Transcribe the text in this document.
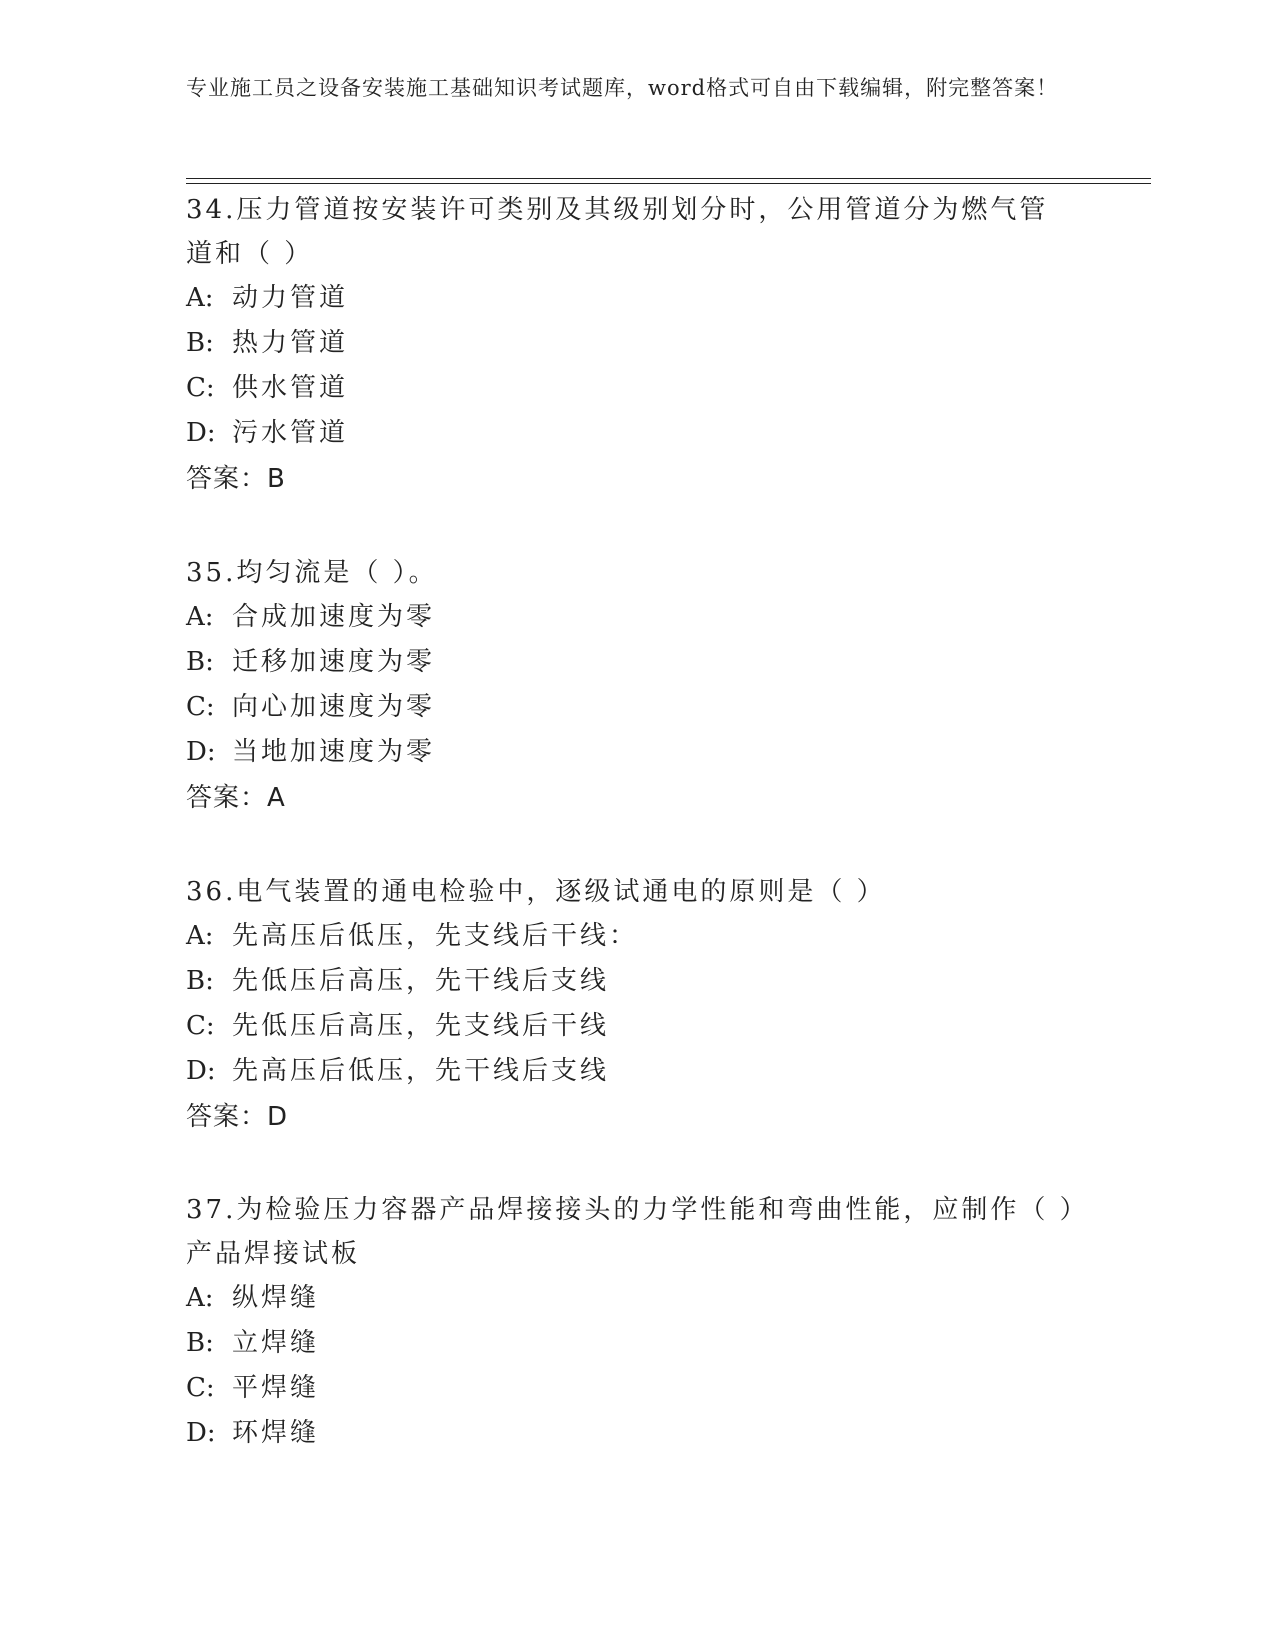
专业施工员之设备安装施工基础知识考试题库，word格式可自由下载编辑，附完整答案！
34.压力管道按安装许可类别及其级别划分时，公用管道分为燃气管道和（ ）
A: 动力管道
B: 热力管道
C: 供水管道
D: 污水管道
答案：B
35.均匀流是（ ）。
A: 合成加速度为零
B: 迁移加速度为零
C: 向心加速度为零
D: 当地加速度为零
答案：A
36.电气装置的通电检验中，逐级试通电的原则是（ ）
A: 先高压后低压，先支线后干线：
B: 先低压后高压，先干线后支线
C: 先低压后高压，先支线后干线
D: 先高压后低压，先干线后支线
答案：D
37.为检验压力容器产品焊接接头的力学性能和弯曲性能，应制作（ ）产品焊接试板
A: 纵焊缝
B: 立焊缝
C: 平焊缝
D: 环焊缝
